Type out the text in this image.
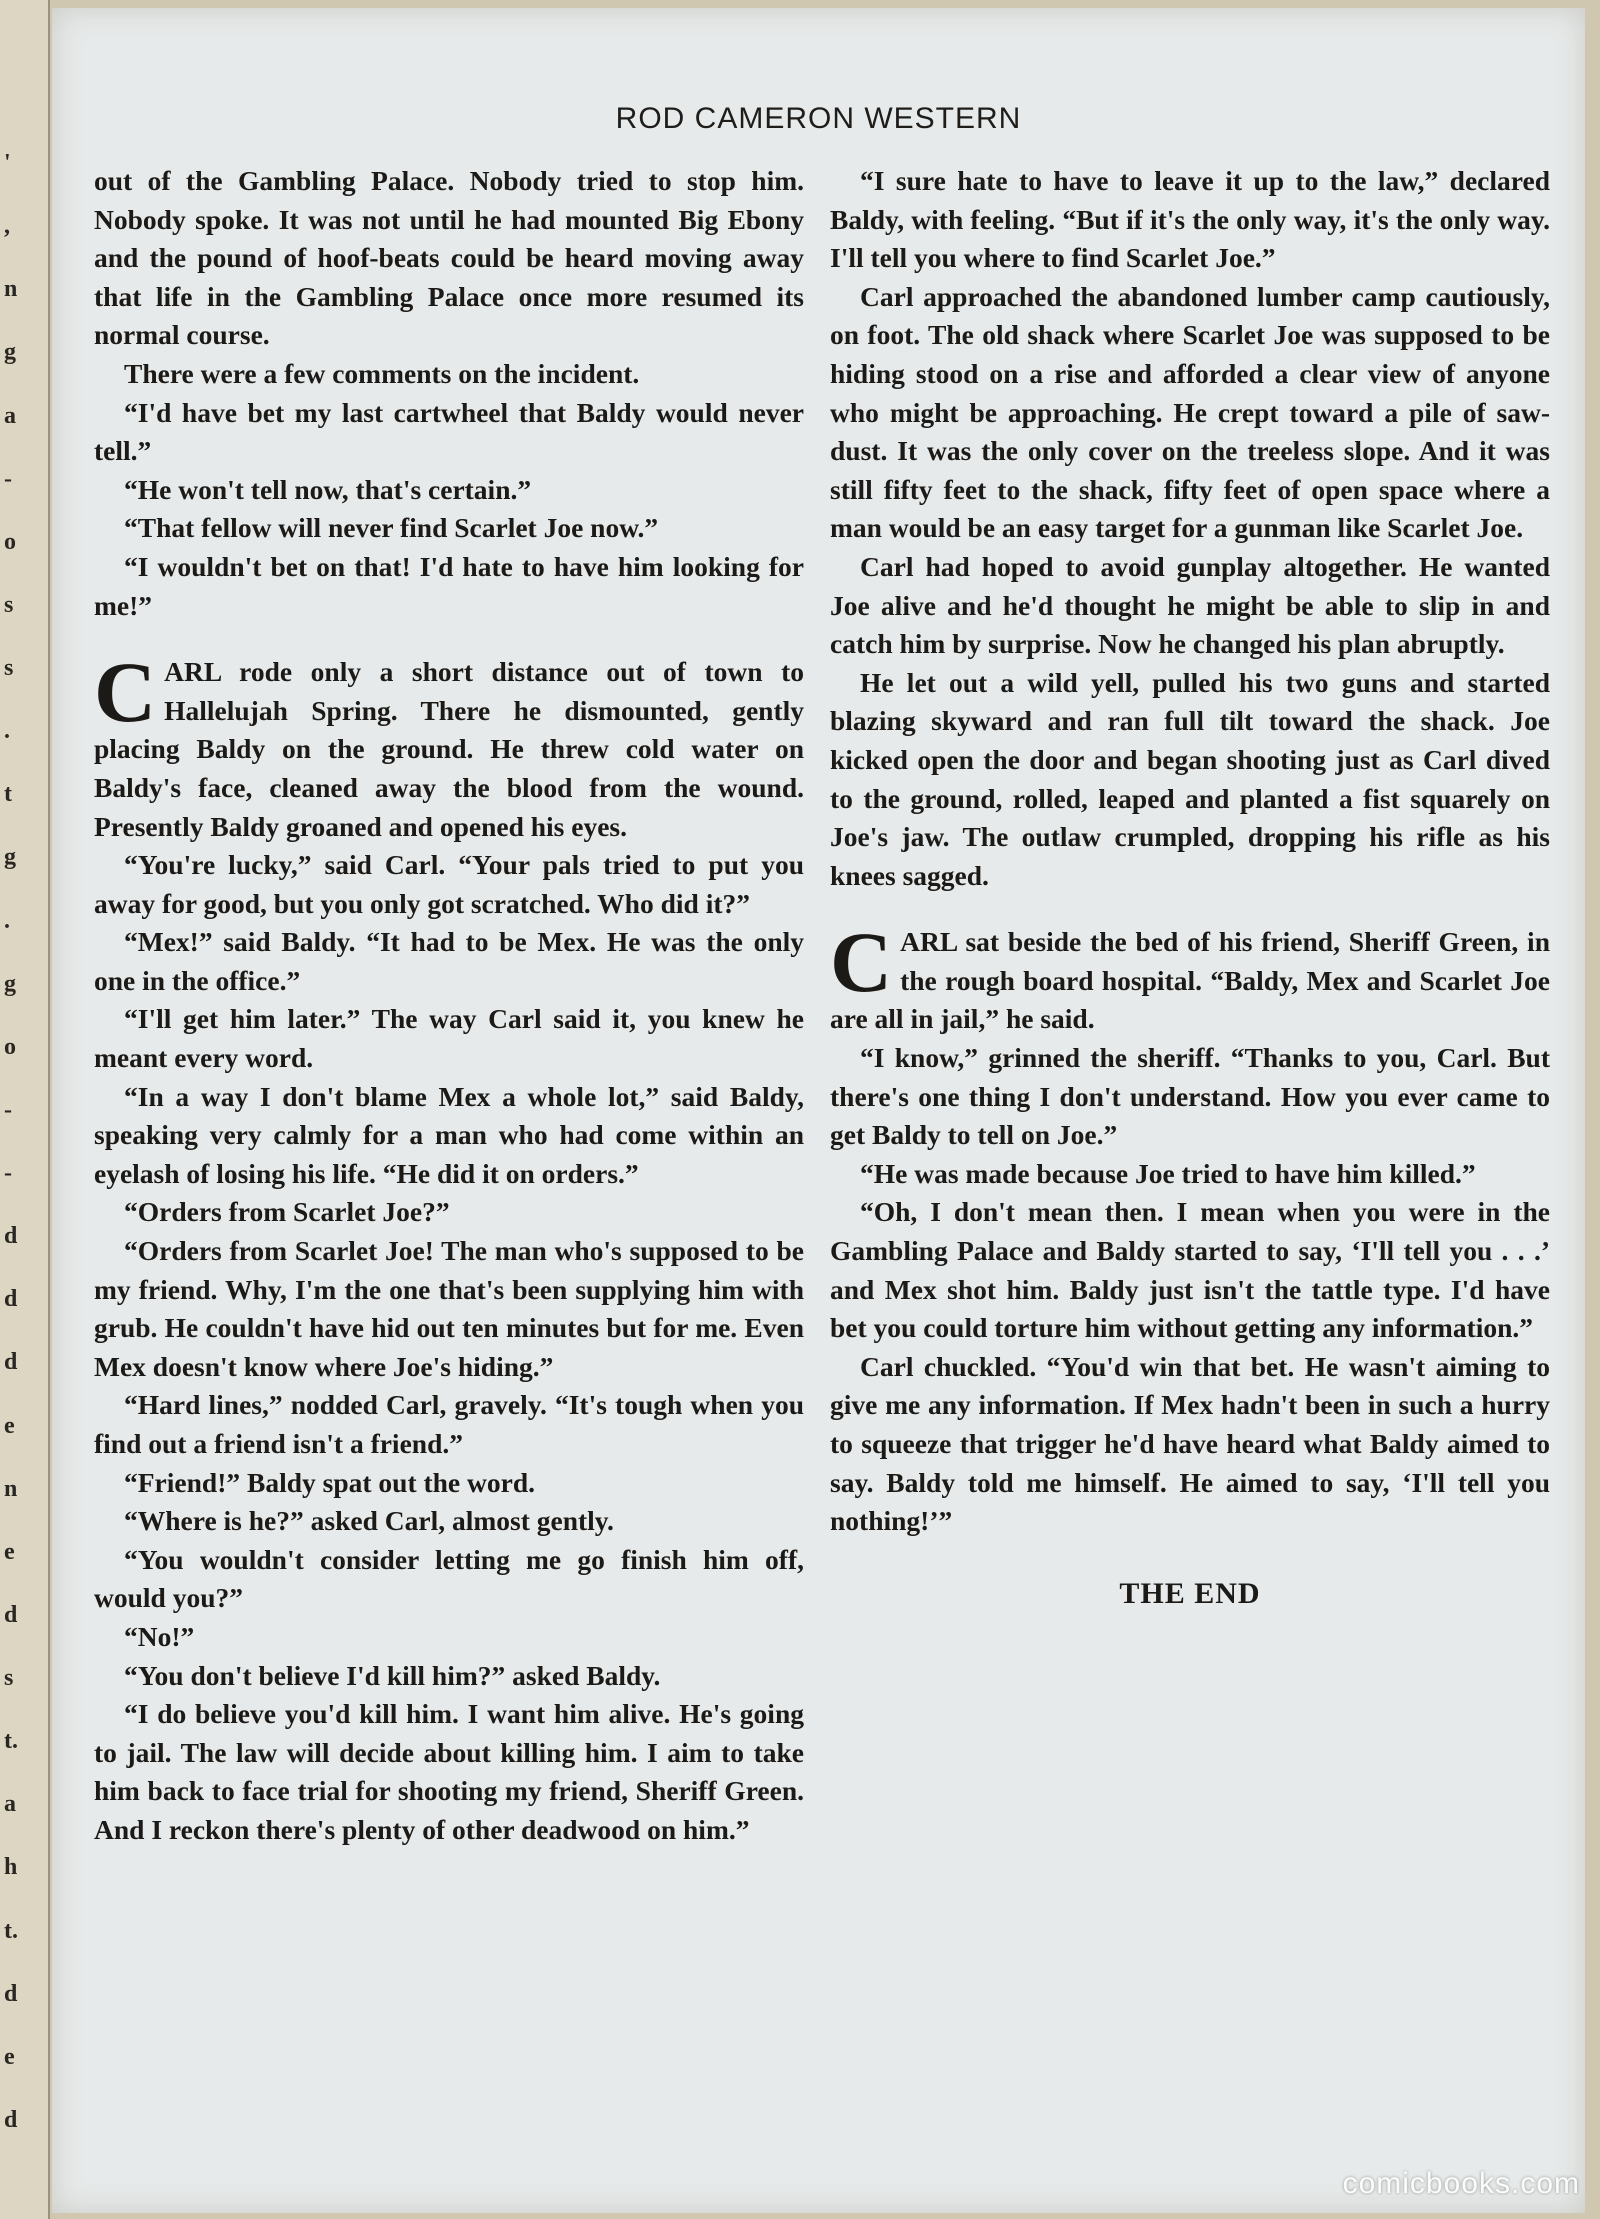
'
,
n
g
a
-
o
s
s
.
t
g
.
g
o
-
-
d
d
d
e
n
e
d
s
t.
a
h
t.
d
e
d
ROD CAMERON WESTERN

out of the Gambling Palace. Nobody tried to stop him. Nobody spoke. It was not until he had mounted Big Ebony and the pound of hoof-beats could be heard moving away that life in the Gambling Palace once more resumed its normal course.

There were a few comments on the incident.

“I'd have bet my last cartwheel that Baldy would never tell.”

“He won't tell now, that's certain.”

“That fellow will never find Scarlet Joe now.”

“I wouldn't bet on that! I'd hate to have him looking for me!”

CARL rode only a short distance out of town to Hallelujah Spring. There he dismounted, gently placing Baldy on the ground. He threw cold water on Baldy's face, cleaned away the blood from the wound. Presently Baldy groaned and opened his eyes.

“You're lucky,” said Carl. “Your pals tried to put you away for good, but you only got scratched. Who did it?”

“Mex!” said Baldy. “It had to be Mex. He was the only one in the office.”

“I'll get him later.” The way Carl said it, you knew he meant every word.

“In a way I don't blame Mex a whole lot,” said Baldy, speaking very calmly for a man who had come within an eyelash of losing his life. “He did it on orders.”

“Orders from Scarlet Joe?”

“Orders from Scarlet Joe! The man who's supposed to be my friend. Why, I'm the one that's been supplying him with grub. He couldn't have hid out ten minutes but for me. Even Mex doesn't know where Joe's hiding.”

“Hard lines,” nodded Carl, gravely. “It's tough when you find out a friend isn't a friend.”

“Friend!” Baldy spat out the word.

“Where is he?” asked Carl, almost gently.

“You wouldn't consider letting me go finish him off, would you?”

“No!”

“You don't believe I'd kill him?” asked Baldy.

“I do believe you'd kill him. I want him alive. He's going to jail. The law will decide about killing him. I aim to take him back to face trial for shooting my friend, Sheriff Green. And I reckon there's plenty of other deadwood on him.”

“I sure hate to have to leave it up to the law,” declared Baldy, with feeling. “But if it's the only way, it's the only way. I'll tell you where to find Scarlet Joe.”

Carl approached the abandoned lumber camp cautiously, on foot. The old shack where Scarlet Joe was supposed to be hiding stood on a rise and afforded a clear view of anyone who might be approaching. He crept toward a pile of saw-dust. It was the only cover on the treeless slope. And it was still fifty feet to the shack, fifty feet of open space where a man would be an easy target for a gunman like Scarlet Joe.

Carl had hoped to avoid gunplay altogether. He wanted Joe alive and he'd thought he might be able to slip in and catch him by surprise. Now he changed his plan abruptly.

He let out a wild yell, pulled his two guns and started blazing skyward and ran full tilt toward the shack. Joe kicked open the door and began shooting just as Carl dived to the ground, rolled, leaped and planted a fist squarely on Joe's jaw. The outlaw crumpled, dropping his rifle as his knees sagged.

CARL sat beside the bed of his friend, Sheriff Green, in the rough board hospital. “Baldy, Mex and Scarlet Joe are all in jail,” he said.

“I know,” grinned the sheriff. “Thanks to you, Carl. But there's one thing I don't understand. How you ever came to get Baldy to tell on Joe.”

“He was made because Joe tried to have him killed.”

“Oh, I don't mean then. I mean when you were in the Gambling Palace and Baldy started to say, ‘I'll tell you . . .’ and Mex shot him. Baldy just isn't the tattle type. I'd have bet you could torture him without getting any information.”

Carl chuckled. “You'd win that bet. He wasn't aiming to give me any information. If Mex hadn't been in such a hurry to squeeze that trigger he'd have heard what Baldy aimed to say. Baldy told me himself. He aimed to say, ‘I'll tell you nothing!’”

THE END
comicbooks.com
